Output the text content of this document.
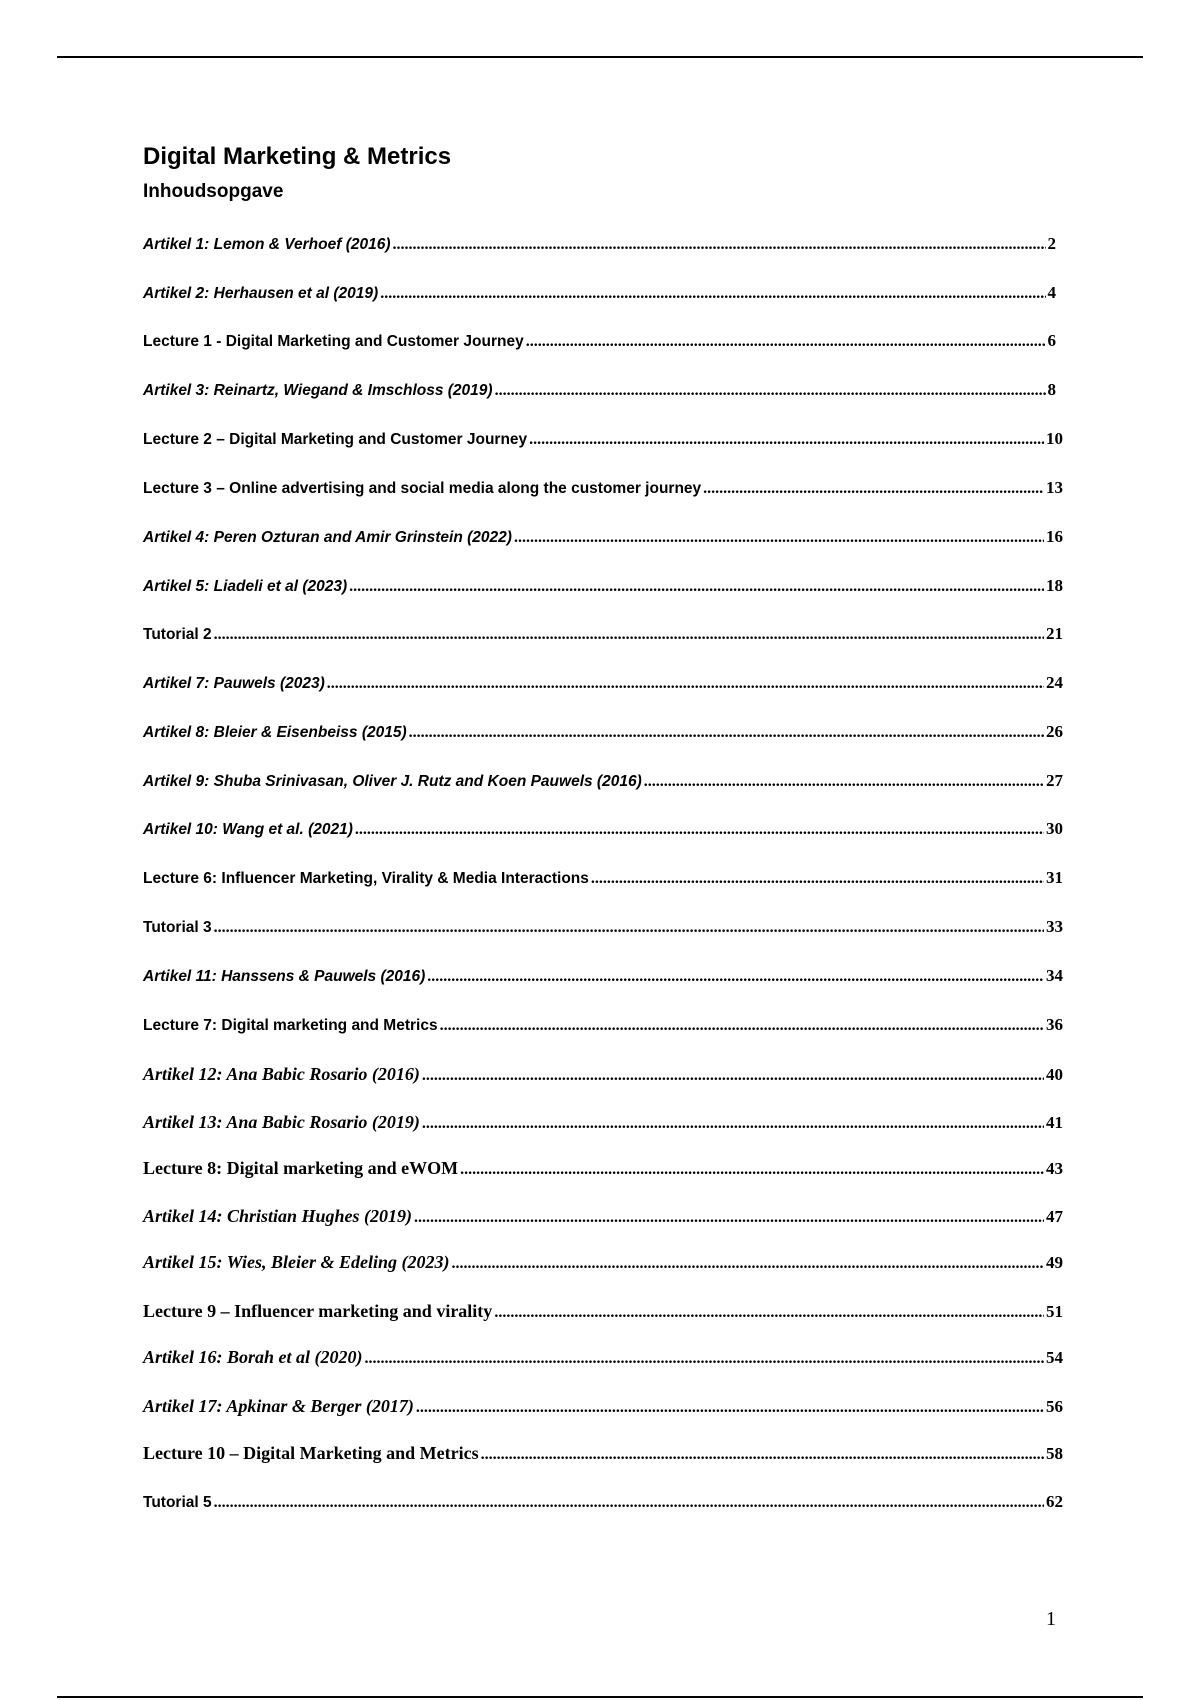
Digital Marketing & Metrics
Inhoudsopgave
Artikel 1: Lemon & Verhoef (2016) .....	2
Artikel 2: Herhausen et al (2019) .....	4
Lecture 1 - Digital Marketing and Customer Journey .....	6
Artikel 3: Reinartz, Wiegand & Imschloss (2019) .....	8
Lecture 2 – Digital Marketing and Customer Journey .....	10
Lecture 3 – Online advertising and social media along the customer journey .....	13
Artikel 4: Peren Ozturan and Amir Grinstein (2022) .....	16
Artikel 5: Liadeli et al (2023) .....	18
Tutorial 2 .....	21
Artikel 7: Pauwels (2023) .....	24
Artikel 8: Bleier & Eisenbeiss (2015) .....	26
Artikel 9: Shuba Srinivasan, Oliver J. Rutz and Koen Pauwels (2016) .....	27
Artikel 10: Wang et al. (2021) .....	30
Lecture 6: Influencer Marketing, Virality & Media Interactions .....	31
Tutorial 3 .....	33
Artikel 11: Hanssens & Pauwels (2016) .....	34
Lecture 7: Digital marketing and Metrics .....	36
Artikel 12: Ana Babic Rosario (2016) .....	40
Artikel 13: Ana Babic Rosario (2019) .....	41
Lecture 8: Digital marketing and eWOM .....	43
Artikel 14: Christian Hughes (2019) .....	47
Artikel 15: Wies, Bleier & Edeling (2023) .....	49
Lecture 9 – Influencer marketing and virality .....	51
Artikel 16: Borah et al (2020) .....	54
Artikel 17: Apkinar & Berger (2017) .....	56
Lecture 10 – Digital Marketing and Metrics .....	58
Tutorial 5 .....	62
1
